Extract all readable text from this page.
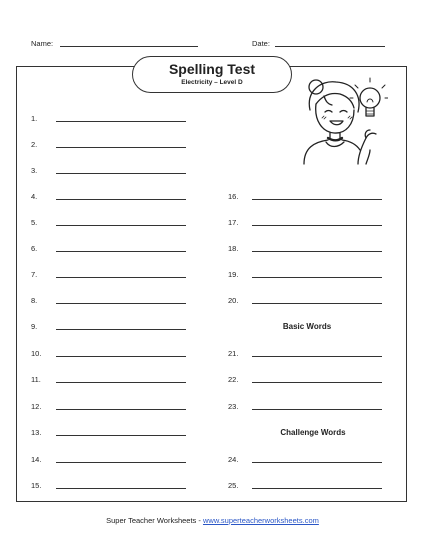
Name:	Date:
Spelling Test
Electricity – Level D
1.
2.
3.
4.
5.
6.
7.
8.
9.
10.
11.
12.
13.
14.
15.
16.
17.
18.
19.
20.
Basic Words
21.
22.
23.
Challenge Words
24.
25.
Super Teacher Worksheets - www.superteacherworksheets.com
